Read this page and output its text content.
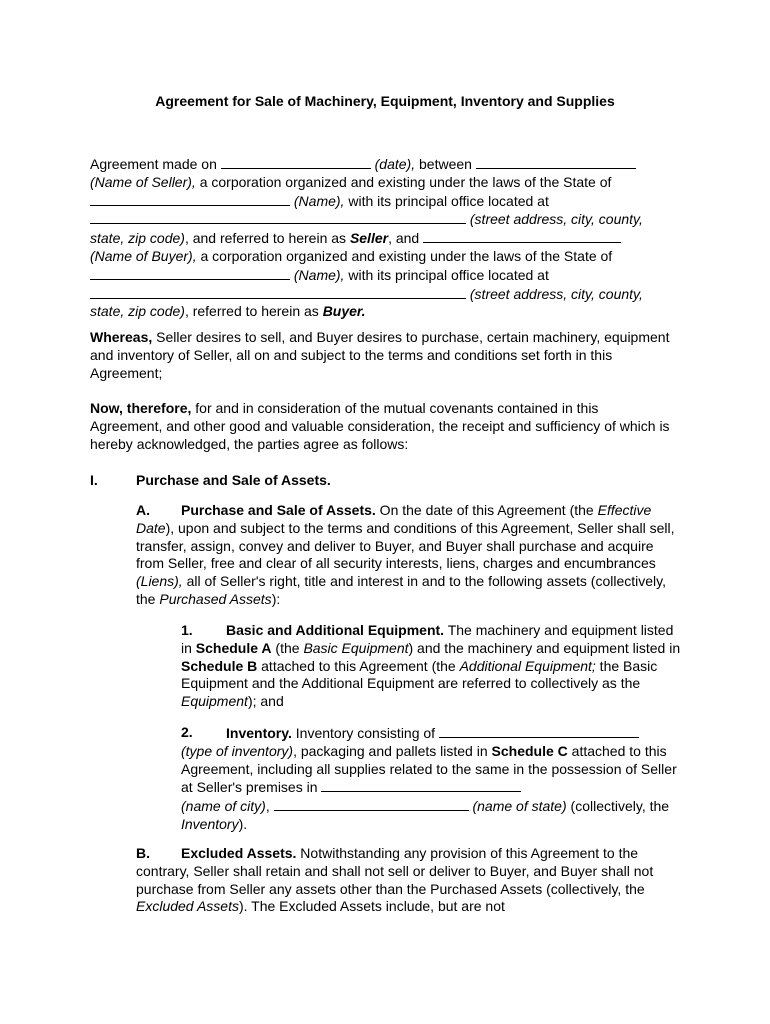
Agreement for Sale of Machinery, Equipment, Inventory and Supplies
Agreement made on	(date), between
(Name of Seller), a corporation organized and existing under the laws of the State of
(Name), with its principal office located at
(street address, city, county,
state, zip code), and referred to herein as Seller, and
(Name of Buyer), a corporation organized and existing under the laws of the State of
(Name), with its principal office located at
(street address, city, county,
state, zip code), referred to herein as Buyer.
Whereas, Seller desires to sell, and Buyer desires to purchase, certain machinery, equipment and inventory of Seller, all on and subject to the terms and conditions set forth in this Agreement;
Now, therefore, for and in consideration of the mutual covenants contained in this Agreement, and other good and valuable consideration, the receipt and sufficiency of which is hereby acknowledged, the parties agree as follows:
I.	Purchase and Sale of Assets.
A.	Purchase and Sale of Assets. On the date of this Agreement (the Effective Date), upon and subject to the terms and conditions of this Agreement, Seller shall sell, transfer, assign, convey and deliver to Buyer, and Buyer shall purchase and acquire from Seller, free and clear of all security interests, liens, charges and encumbrances (Liens), all of Seller's right, title and interest in and to the following assets (collectively, the Purchased Assets):
1.	Basic and Additional Equipment. The machinery and equipment listed in Schedule A (the Basic Equipment) and the machinery and equipment listed in Schedule B attached to this Agreement (the Additional Equipment; the Basic Equipment and the Additional Equipment are referred to collectively as the Equipment); and
2.	Inventory. Inventory consisting of
(type of inventory), packaging and pallets listed in Schedule C attached to this Agreement, including all supplies related to the same in the possession of Seller at Seller's premises in
(name of city),	(name of state) (collectively, the Inventory).
B.	Excluded Assets. Notwithstanding any provision of this Agreement to the contrary, Seller shall retain and shall not sell or deliver to Buyer, and Buyer shall not purchase from Seller any assets other than the Purchased Assets (collectively, the Excluded Assets). The Excluded Assets include, but are not
